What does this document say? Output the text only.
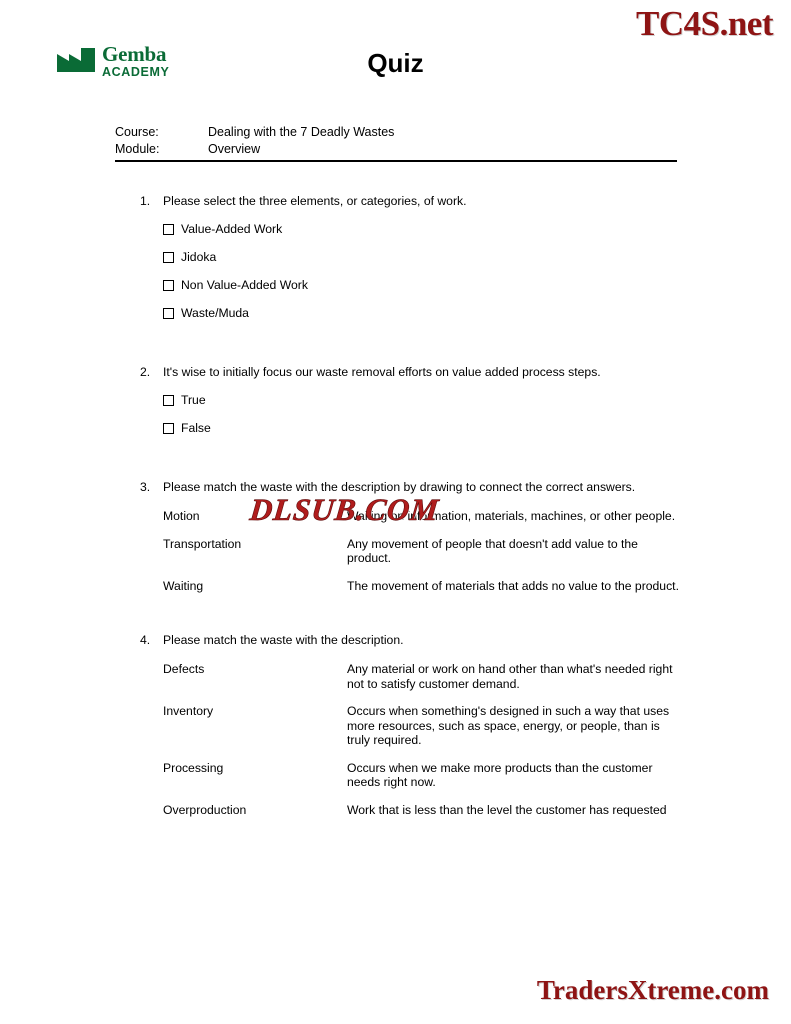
TC4S.net
Gemba
ACADEMY	Quiz
Course:	Dealing with the 7 Deadly Wastes
Module:	Overview
1.	Please select the three elements, or categories, of work.
Value-Added Work
Jidoka
Non Value-Added Work
Waste/Muda
2.	It's wise to initially focus our waste removal efforts on value added process steps.
True
False
3.	Please match the waste with the description by drawing to connect the correct answers.
Motion	Waiting on information, materials, machines, or other people.
Transportation	Any movement of people that doesn't add value to the product.
Waiting	The movement of materials that adds no value to the product.
4.	Please match the waste with the description.
Defects	Any material or work on hand other than what's needed right not to satisfy customer demand.
Inventory	Occurs when something's designed in such a way that uses more resources, such as space, energy, or people, than is truly required.
Processing	Occurs when we make more products than the customer needs right now.
Overproduction	Work that is less than the level the customer has requested
DLSUB.COM
TradersXtreme.com
